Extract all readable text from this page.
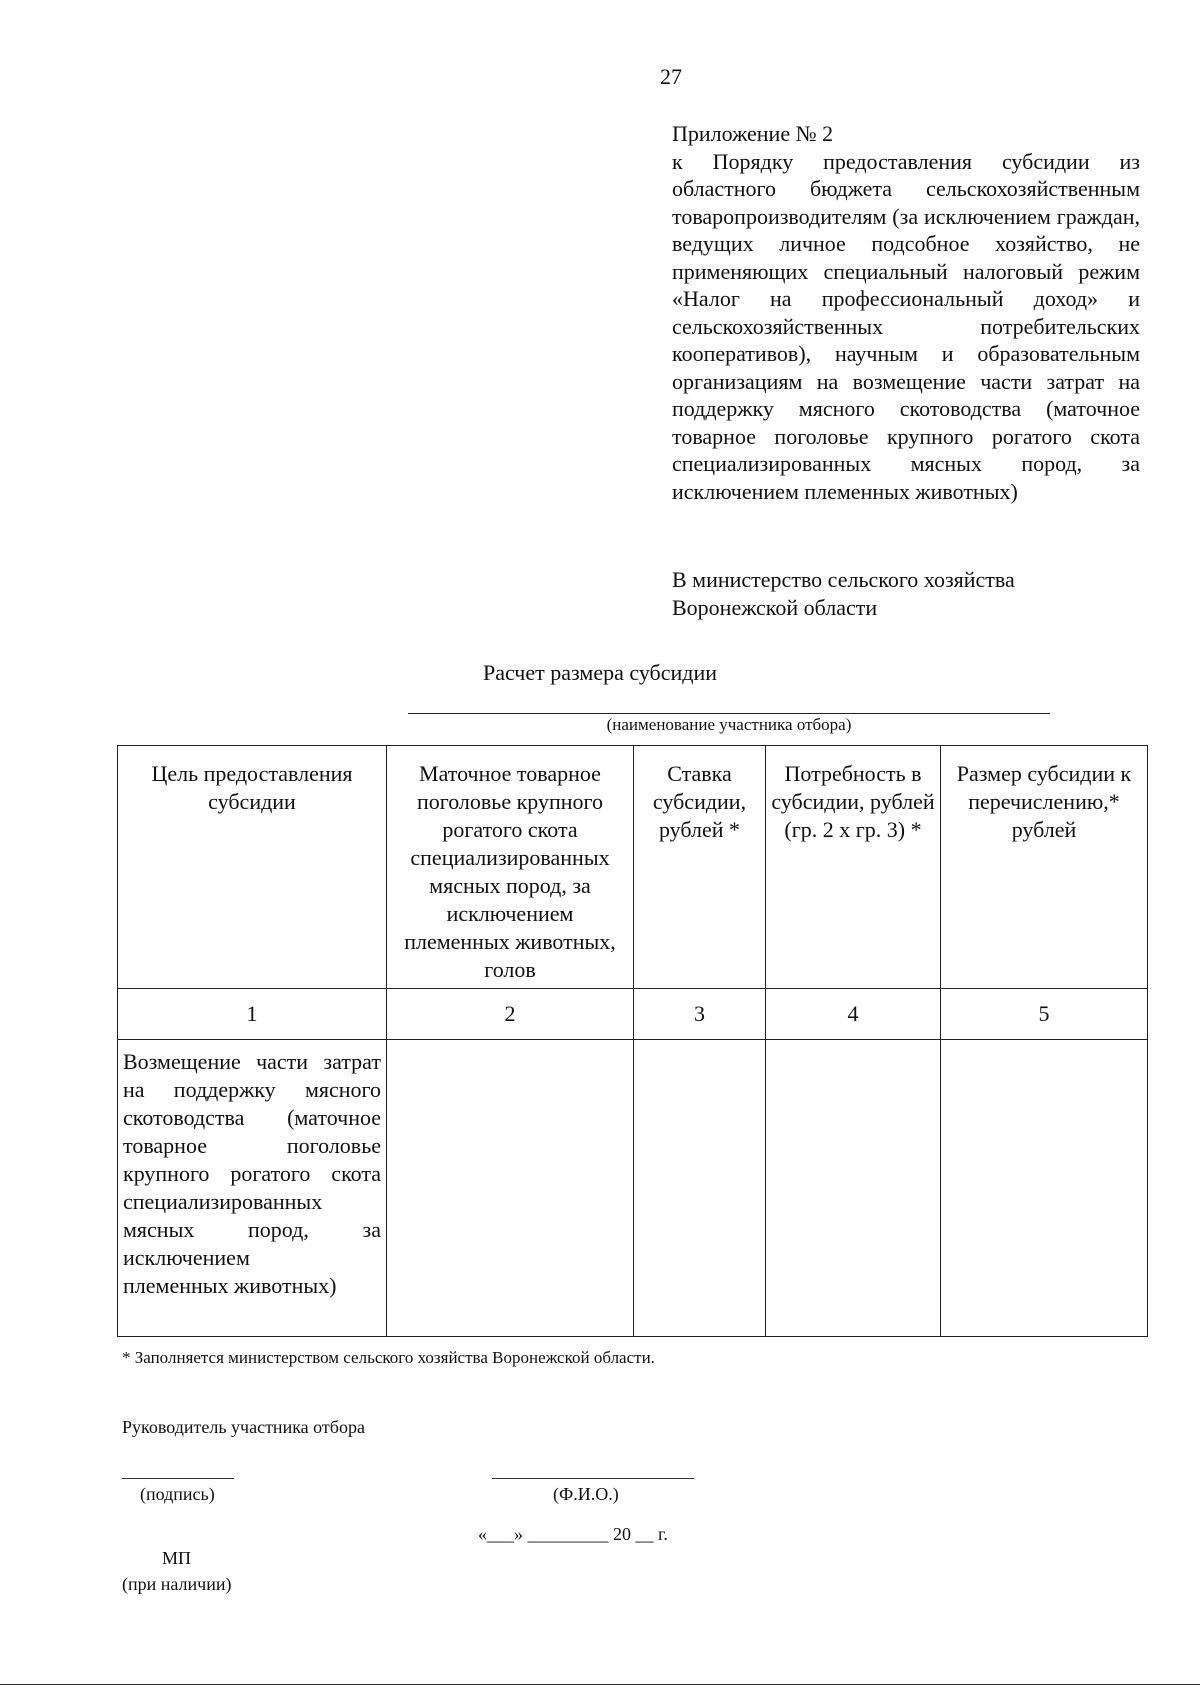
27
Приложение № 2
к Порядку предоставления субсидии из областного бюджета сельскохозяйственным товаропроизводителям (за исключением граждан, ведущих личное подсобное хозяйство, не применяющих специальный налоговый режим «Налог на профессиональный доход» и сельскохозяйственных потребительских кооперативов), научным и образовательным организациям на возмещение части затрат на поддержку мясного скотоводства (маточное товарное поголовье крупного рогатого скота специализированных мясных пород, за исключением племенных животных)
В министерство сельского хозяйства
Воронежской области
Расчет размера субсидии
(наименование участника отбора)
Цель предоставления субсидии	Маточное товарное поголовье крупного рогатого скота специализированных мясных пород, за исключением племенных животных, голов	Ставка субсидии, рублей *	Потребность в субсидии, рублей (гр. 2 х гр. 3) *	Размер субсидии к перечислению,* рублей
1	2	3	4	5
Возмещение части затрат на поддержку мясного скотоводства (маточное товарное поголовье крупного рогатого скота специализированных мясных пород, за исключением
племенных животных)				

* Заполняется министерством сельского хозяйства Воронежской области.
Руководитель участника отбора
(подпись)	(Ф.И.О.)
«___» _________ 20 __ г.
МП
(при наличии)
